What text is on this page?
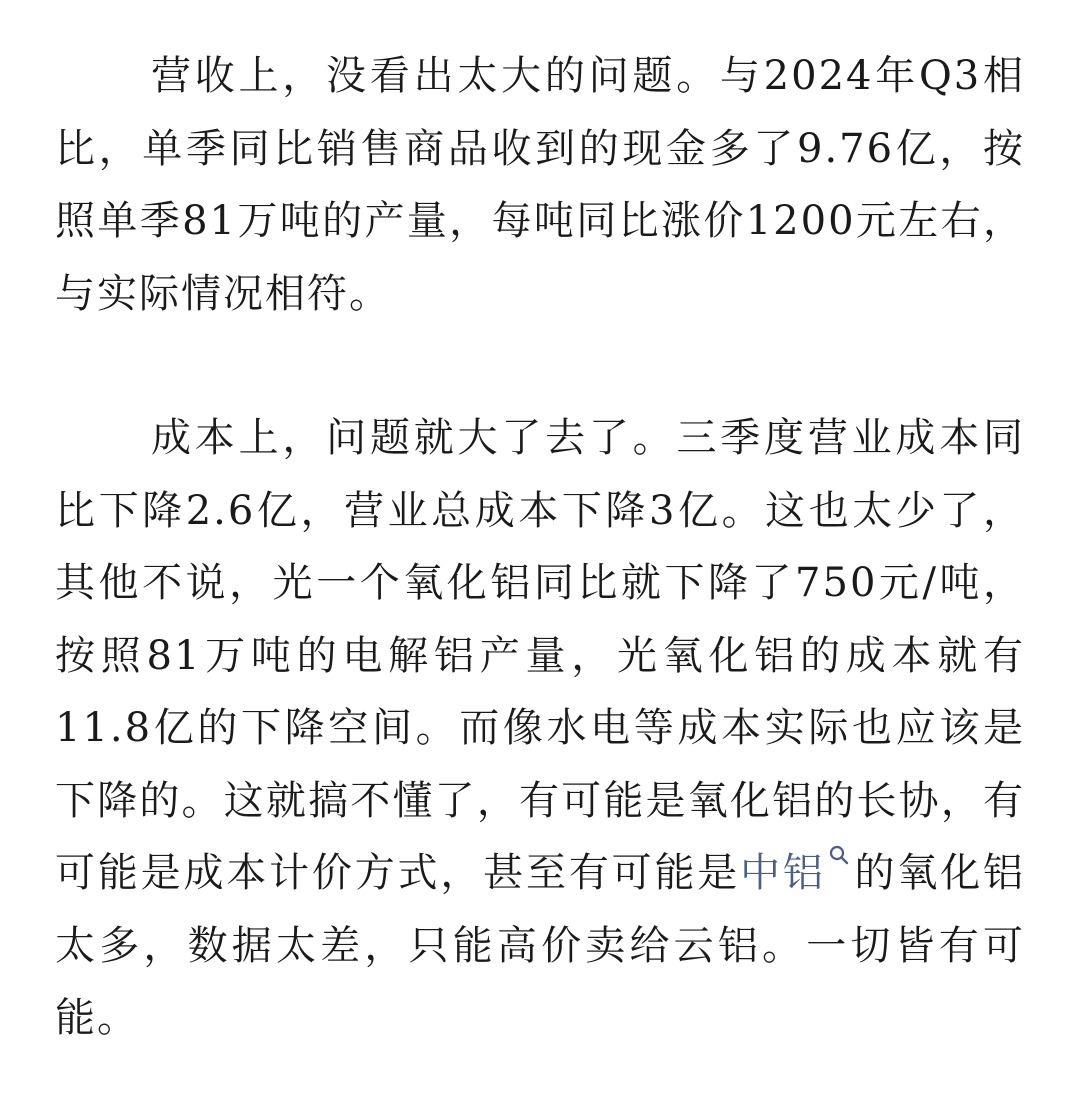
营收上，没看出太大的问题。与2024年Q3相比，单季同比销售商品收到的现金多了9.76亿，按照单季81万吨的产量，每吨同比涨价1200元左右，与实际情况相符。

成本上，问题就大了去了。三季度营业成本同比下降2.6亿，营业总成本下降3亿。这也太少了，其他不说，光一个氧化铝同比就下降了750元/吨，按照81万吨的电解铝产量，光氧化铝的成本就有11.8亿的下降空间。而像水电等成本实际也应该是下降的。这就搞不懂了，有可能是氧化铝的长协，有可能是成本计价方式，甚至有可能是中铝 的氧化铝太多，数据太差，只能高价卖给云铝。一切皆有可能。
